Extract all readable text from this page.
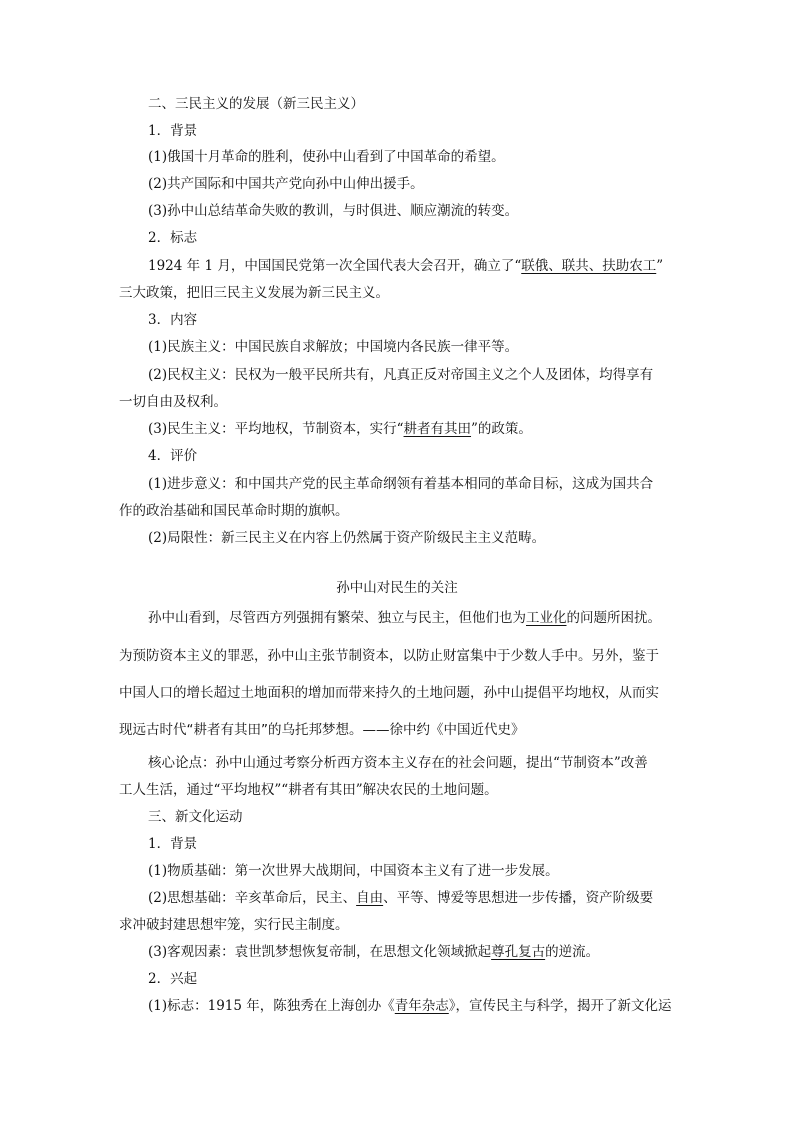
二、三民主义的发展（新三民主义）
1．背景
(1)俄国十月革命的胜利，使孙中山看到了中国革命的希望。
(2)共产国际和中国共产党向孙中山伸出援手。
(3)孙中山总结革命失败的教训，与时俱进、顺应潮流的转变。
2．标志
1924 年 1 月，中国国民党第一次全国代表大会召开，确立了“联俄、联共、扶助农工”
三大政策，把旧三民主义发展为新三民主义。
3．内容
(1)民族主义：中国民族自求解放；中国境内各民族一律平等。
(2)民权主义：民权为一般平民所共有，凡真正反对帝国主义之个人及团体，均得享有
一切自由及权利。
(3)民生主义：平均地权，节制资本，实行“耕者有其田”的政策。
4．评价
(1)进步意义：和中国共产党的民主革命纲领有着基本相同的革命目标，这成为国共合
作的政治基础和国民革命时期的旗帜。
(2)局限性：新三民主义在内容上仍然属于资产阶级民主主义范畴。
孙中山对民生的关注
孙中山看到，尽管西方列强拥有繁荣、独立与民主，但他们也为工业化的问题所困扰。
为预防资本主义的罪恶，孙中山主张节制资本，以防止财富集中于少数人手中。另外，鉴于
中国人口的增长超过土地面积的增加而带来持久的土地问题，孙中山提倡平均地权，从而实
现远古时代“耕者有其田”的乌托邦梦想。——徐中约《中国近代史》
核心论点：孙中山通过考察分析西方资本主义存在的社会问题，提出“节制资本”改善
工人生活，通过“平均地权”“耕者有其田”解决农民的土地问题。
三、新文化运动
1．背景
(1)物质基础：第一次世界大战期间，中国资本主义有了进一步发展。
(2)思想基础：辛亥革命后，民主、自由、平等、博爱等思想进一步传播，资产阶级要
求冲破封建思想牢笼，实行民主制度。
(3)客观因素：袁世凯梦想恢复帝制，在思想文化领域掀起尊孔复古的逆流。
2．兴起
(1)标志：1915 年，陈独秀在上海创办《青年杂志》，宣传民主与科学，揭开了新文化运
